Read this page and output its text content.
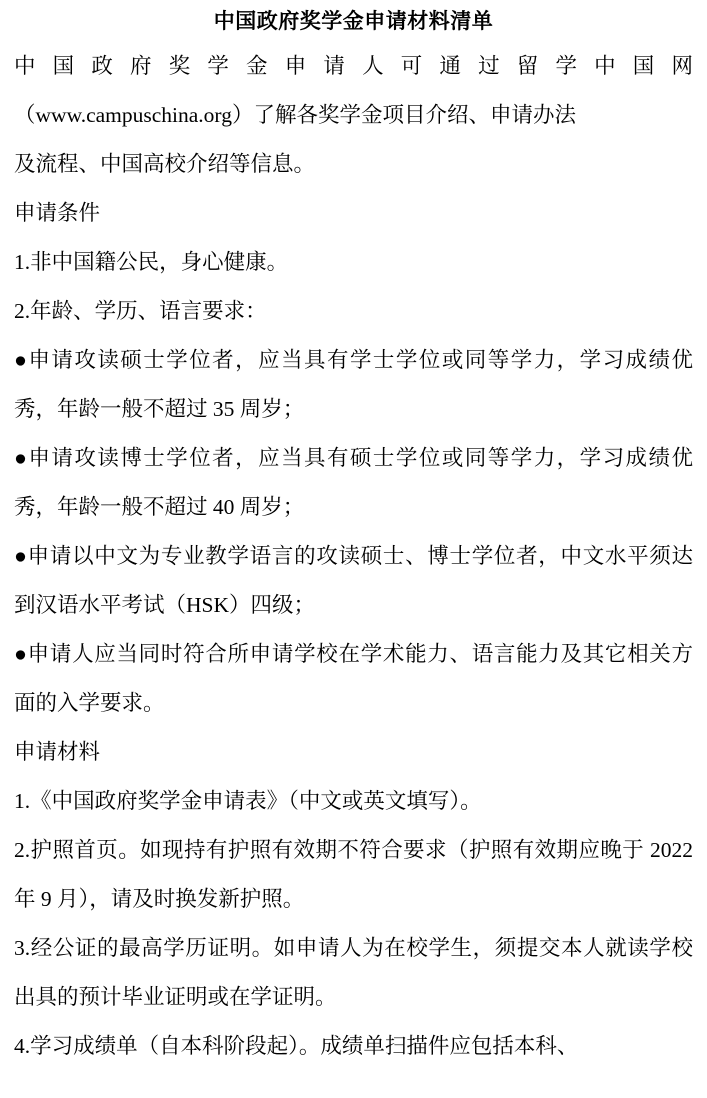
中国政府奖学金申请材料清单

中国政府奖学金申请人可通过留学中国网

（www.campuschina.org）了解各奖学金项目介绍、申请办法

及流程、中国高校介绍等信息。

申请条件

1.非中国籍公民，身心健康。

2.年龄、学历、语言要求：

●申请攻读硕士学位者，应当具有学士学位或同等学力，学习成绩优秀，年龄一般不超过 35 周岁；

●申请攻读博士学位者，应当具有硕士学位或同等学力，学习成绩优秀，年龄一般不超过 40 周岁；

●申请以中文为专业教学语言的攻读硕士、博士学位者，中文水平须达到汉语水平考试（HSK）四级；

●申请人应当同时符合所申请学校在学术能力、语言能力及其它相关方面的入学要求。

申请材料

1.《中国政府奖学金申请表》（中文或英文填写）。

2.护照首页。如现持有护照有效期不符合要求（护照有效期应晚于 2022 年 9 月），请及时换发新护照。

3.经公证的最高学历证明。如申请人为在校学生，须提交本人就读学校出具的预计毕业证明或在学证明。

4.学习成绩单（自本科阶段起）。成绩单扫描件应包括本科、
